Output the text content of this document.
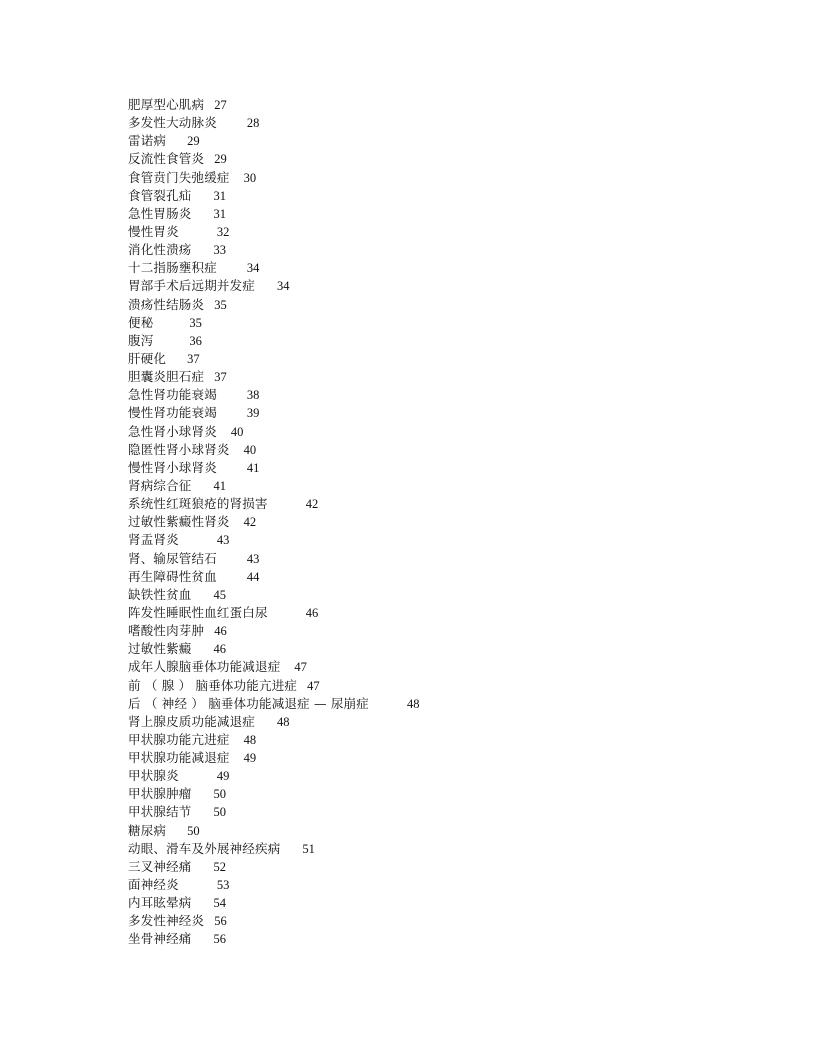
肥厚型心肌病 27
多发性大动脉炎 28
雷诺病 29
反流性食管炎 29
食管贲门失弛缓症 30
食管裂孔疝 31
急性胃肠炎 31
慢性胃炎	32
消化性溃疡 33
十二指肠壅积症 34
胃部手术后远期并发症 34
溃疡性结肠炎 35
便秘	35
腹泻	36
肝硬化 37
胆囊炎胆石症 37
急性肾功能衰竭 38
慢性肾功能衰竭 39
急性肾小球肾炎 40
隐匿性肾小球肾炎 40
慢性肾小球肾炎 41
肾病综合征 41
系统性红斑狼疮的肾损害	42
过敏性紫癜性肾炎 42
肾盂肾炎	43
肾、输尿管结石 43
再生障碍性贫血 44
缺铁性贫血 45
阵发性睡眠性血红蛋白尿	46
嗜酸性肉芽肿 46
过敏性紫癜 46
成年人腺脑垂体功能减退症 47
前 （ 腺 ） 脑垂体功能亢进症 47
后 （ 神经 ） 脑垂体功能减退症 — 尿崩症	48
肾上腺皮质功能减退症 48
甲状腺功能亢进症 48
甲状腺功能减退症 49
甲状腺炎	49
甲状腺肿瘤 50
甲状腺结节 50
糖尿病 50
动眼、滑车及外展神经疾病 51
三叉神经痛 52
面神经炎	53
内耳眩晕病 54
多发性神经炎 56
坐骨神经痛 56
